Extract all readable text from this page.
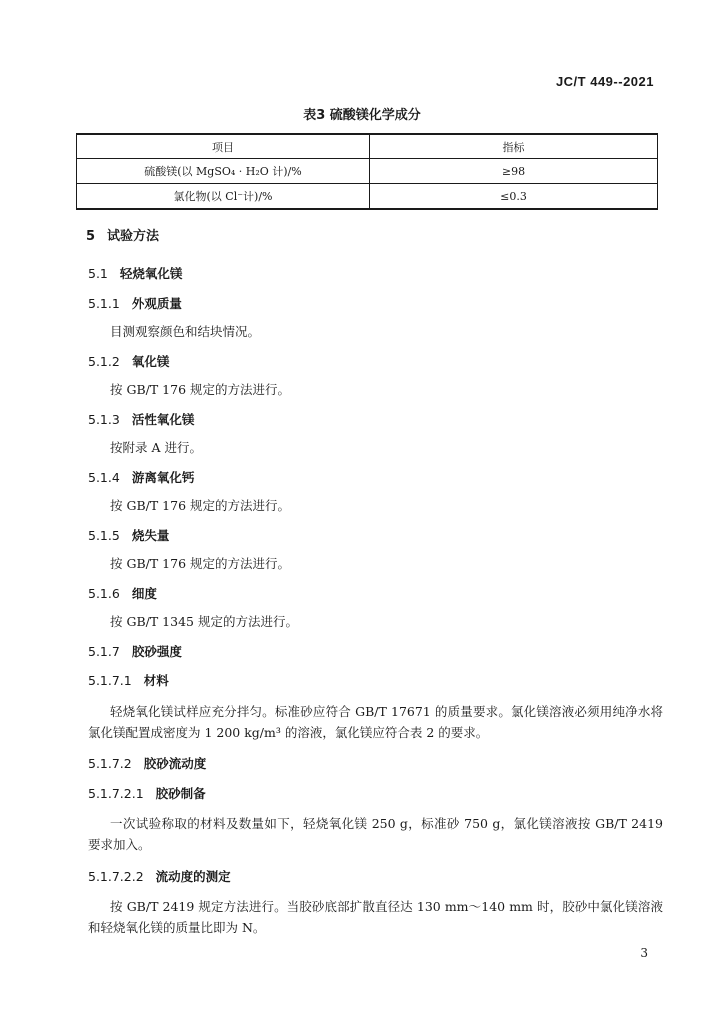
JC/T 449--2021
表3 硫酸镁化学成分
项目	指标
硫酸镁(以 MgSO₄ · H₂O 计)/%	≥98
氯化物(以 Cl⁻计)/%	≤0.3
5 试验方法
5.1 轻烧氧化镁
5.1.1 外观质量

目测观察颜色和结块情况。

5.1.2 氧化镁

按 GB/T 176 规定的方法进行。

5.1.3 活性氧化镁

按附录 A 进行。

5.1.4 游离氧化钙

按 GB/T 176 规定的方法进行。

5.1.5 烧失量

按 GB/T 176 规定的方法进行。

5.1.6 细度

按 GB/T 1345 规定的方法进行。

5.1.7 胶砂强度
5.1.7.1 材料

轻烧氧化镁试样应充分拌匀。标准砂应符合 GB/T 17671 的质量要求。氯化镁溶液必须用纯净水将氯化镁配置成密度为 1 200 kg/m³ 的溶液，氯化镁应符合表 2 的要求。

5.1.7.2 胶砂流动度
5.1.7.2.1 胶砂制备

一次试验称取的材料及数量如下，轻烧氧化镁 250 g，标准砂 750 g，氯化镁溶液按 GB/T 2419 要求加入。

5.1.7.2.2 流动度的测定

按 GB/T 2419 规定方法进行。当胶砂底部扩散直径达 130 mm～140 mm 时，胶砂中氯化镁溶液和轻烧氧化镁的质量比即为 N。

3
